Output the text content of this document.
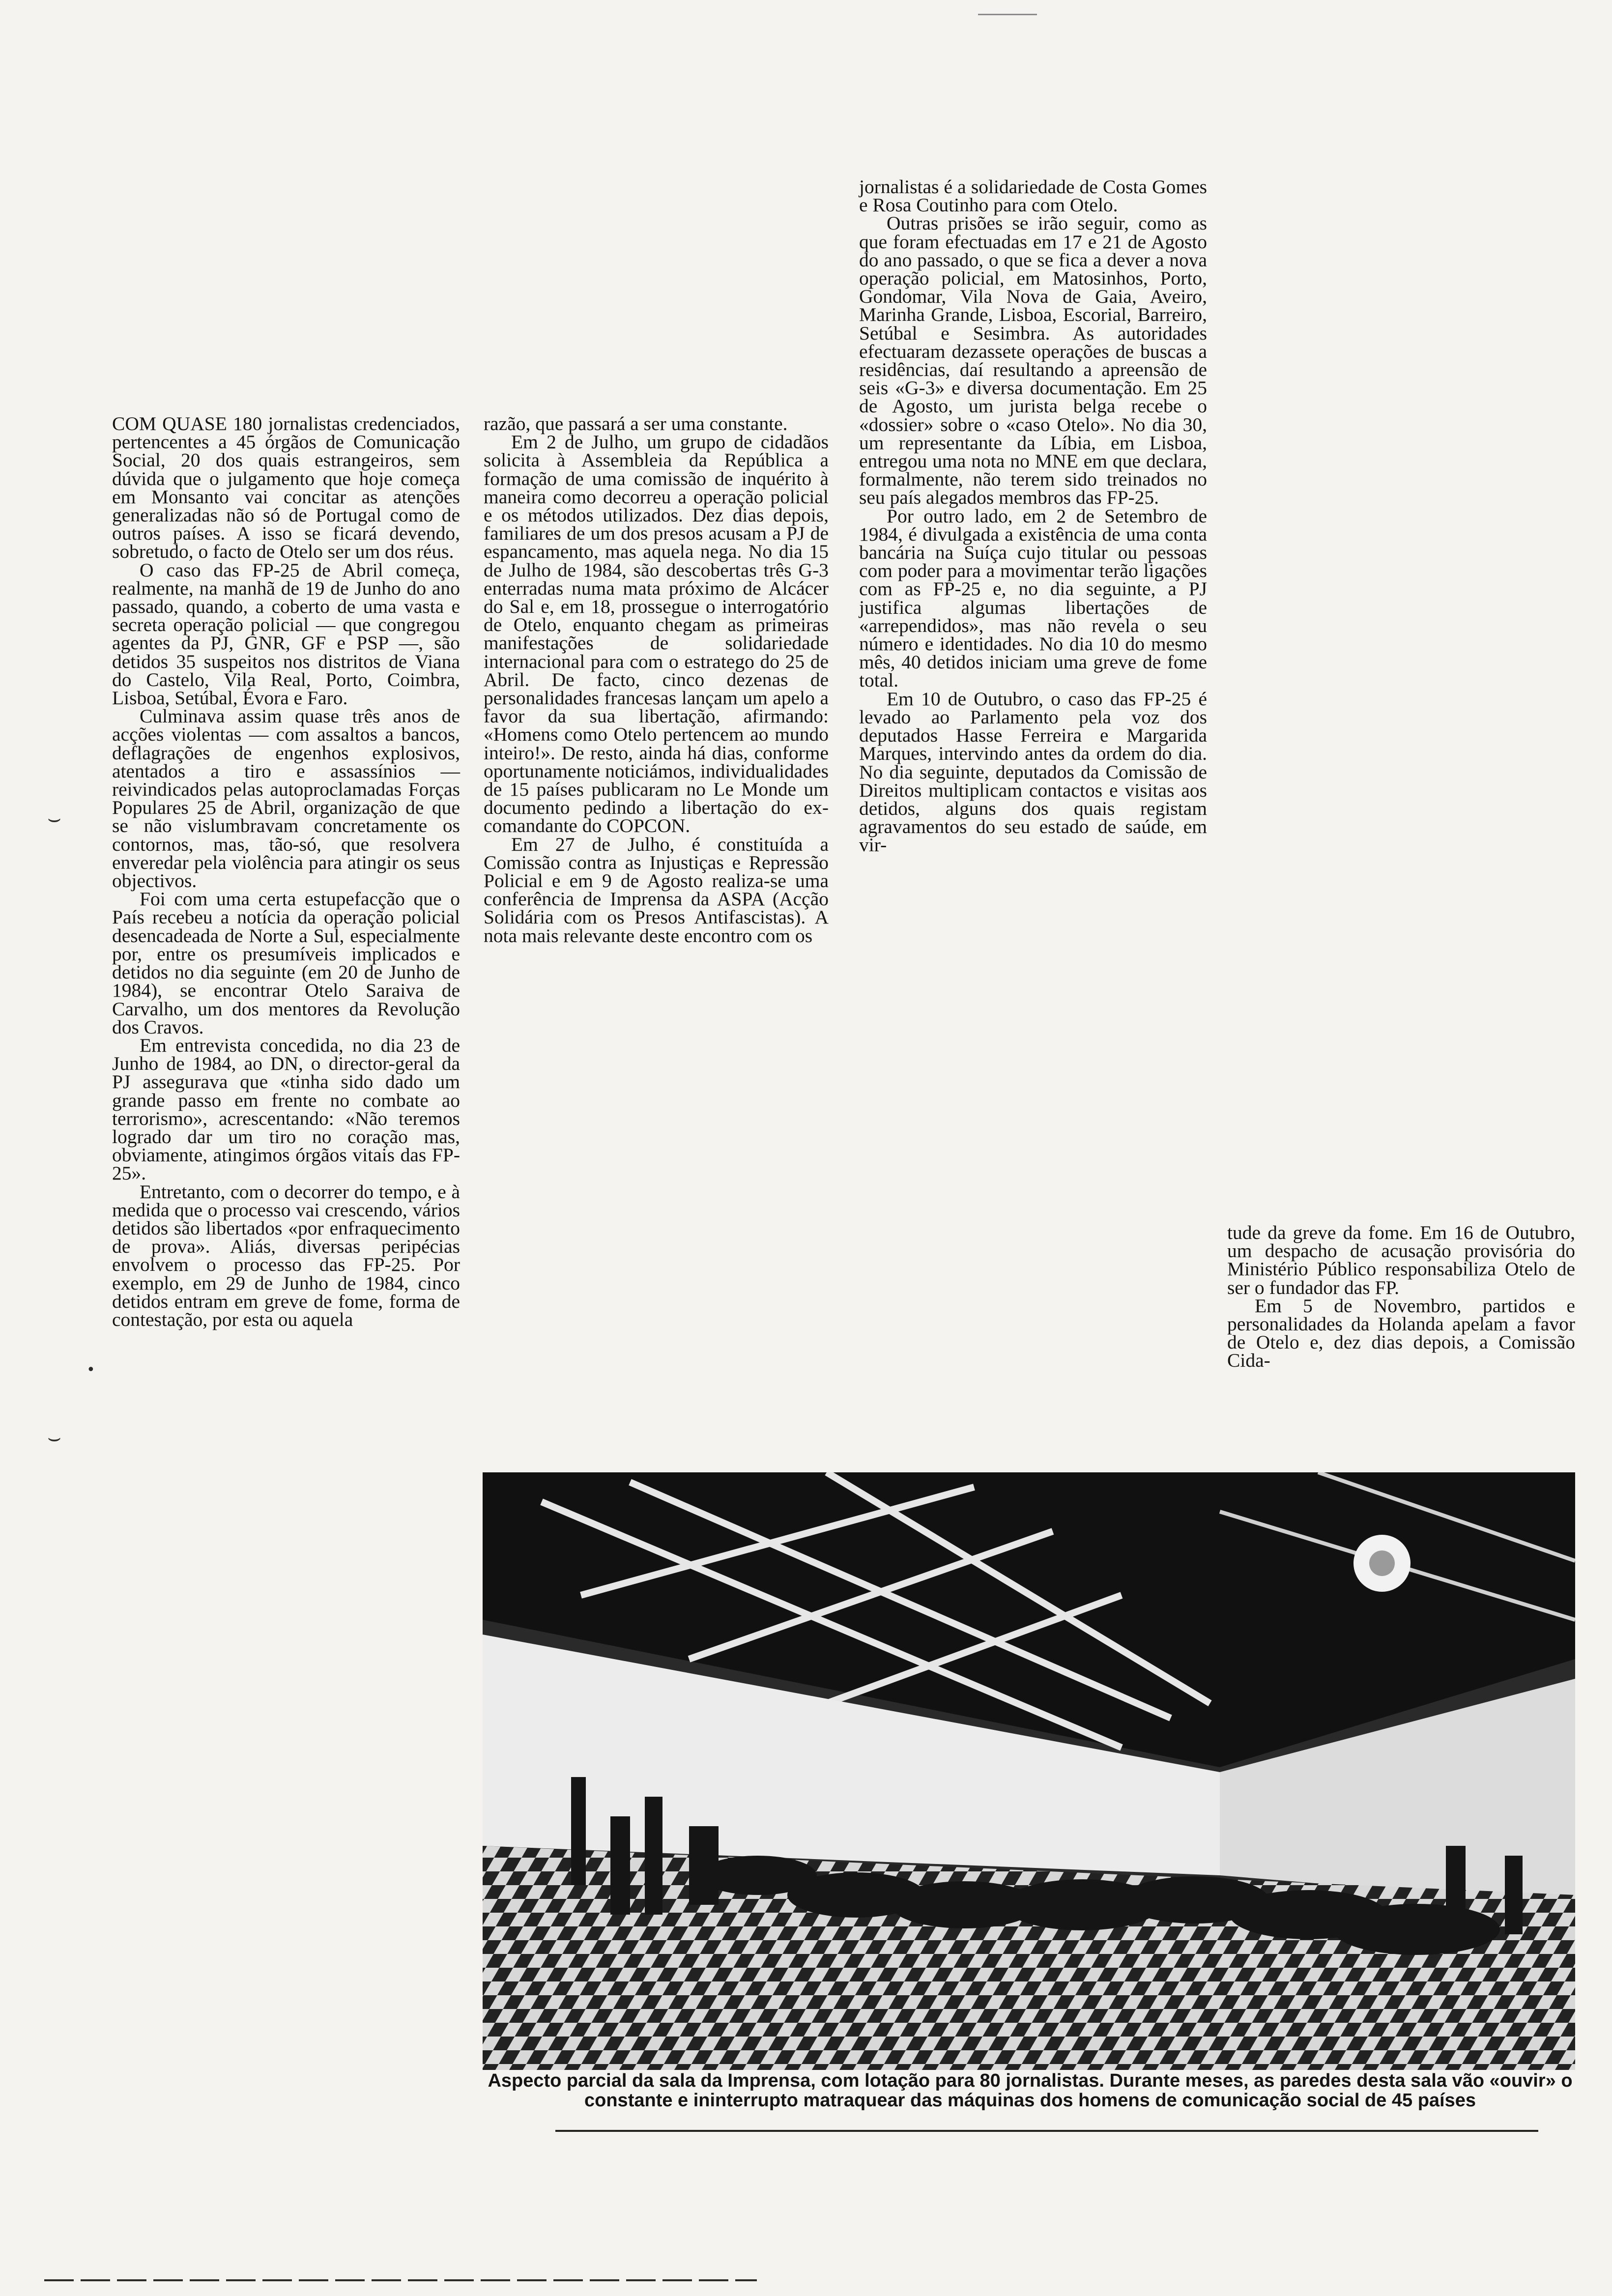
COM QUASE 180 jornalistas credenciados, pertencentes a 45 órgãos de Comunicação Social, 20 dos quais estrangeiros, sem dúvida que o julgamento que hoje começa em Monsanto vai concitar as atenções generalizadas não só de Portugal como de outros países. A isso se ficará devendo, sobretudo, o facto de Otelo ser um dos réus.

O caso das FP-25 de Abril começa, realmente, na manhã de 19 de Junho do ano passado, quando, a coberto de uma vasta e secreta operação policial — que congregou agentes da PJ, GNR, GF e PSP —, são detidos 35 suspeitos nos distritos de Viana do Castelo, Vila Real, Porto, Coimbra, Lisboa, Setúbal, Évora e Faro.

Culminava assim quase três anos de acções violentas — com assaltos a bancos, deflagrações de engenhos explosivos, atentados a tiro e assassínios — reivindicados pelas autoproclamadas Forças Populares 25 de Abril, organização de que se não vislumbravam concretamente os contornos, mas, tão-só, que resolvera enveredar pela violência para atingir os seus objectivos.

Foi com uma certa estupefacção que o País recebeu a notícia da operação policial desencadeada de Norte a Sul, especialmente por, entre os presumíveis implicados e detidos no dia seguinte (em 20 de Junho de 1984), se encontrar Otelo Saraiva de Carvalho, um dos mentores da Revolução dos Cravos.

Em entrevista concedida, no dia 23 de Junho de 1984, ao DN, o director-geral da PJ assegurava que «tinha sido dado um grande passo em frente no combate ao terrorismo», acrescentando: «Não teremos logrado dar um tiro no coração mas, obviamente, atingimos órgãos vitais das FP-25».

Entretanto, com o decorrer do tempo, e à medida que o processo vai crescendo, vários detidos são libertados «por enfraquecimento de prova». Aliás, diversas peripécias envolvem o processo das FP-25. Por exemplo, em 29 de Junho de 1984, cinco detidos entram em greve de fome, forma de contestação, por esta ou aquela

razão, que passará a ser uma constante.

Em 2 de Julho, um grupo de cidadãos solicita à Assembleia da República a formação de uma comissão de inquérito à maneira como decorreu a operação policial e os métodos utilizados. Dez dias depois, familiares de um dos presos acusam a PJ de espancamento, mas aquela nega. No dia 15 de Julho de 1984, são descobertas três G-3 enterradas numa mata próximo de Alcácer do Sal e, em 18, prossegue o interrogatório de Otelo, enquanto chegam as primeiras manifestações de solidariedade internacional para com o estratego do 25 de Abril. De facto, cinco dezenas de personalidades francesas lançam um apelo a favor da sua libertação, afirmando: «Homens como Otelo pertencem ao mundo inteiro!». De resto, ainda há dias, conforme oportunamente noticiámos, individualidades de 15 países publicaram no Le Monde um documento pedindo a libertação do ex-comandante do COPCON.

Em 27 de Julho, é constituída a Comissão contra as Injustiças e Repressão Policial e em 9 de Agosto realiza-se uma conferência de Imprensa da ASPA (Acção Solidária com os Presos Antifascistas). A nota mais relevante deste encontro com os

jornalistas é a solidariedade de Costa Gomes e Rosa Coutinho para com Otelo.

Outras prisões se irão seguir, como as que foram efectuadas em 17 e 21 de Agosto do ano passado, o que se fica a dever a nova operação policial, em Matosinhos, Porto, Gondomar, Vila Nova de Gaia, Aveiro, Marinha Grande, Lisboa, Escorial, Barreiro, Setúbal e Sesimbra. As autoridades efectuaram dezassete operações de buscas a residências, daí resultando a apreensão de seis «G-3» e diversa documentação. Em 25 de Agosto, um jurista belga recebe o «dossier» sobre o «caso Otelo». No dia 30, um representante da Líbia, em Lisboa, entregou uma nota no MNE em que declara, formalmente, não terem sido treinados no seu país alegados membros das FP-25.

Por outro lado, em 2 de Setembro de 1984, é divulgada a existência de uma conta bancária na Suíça cujo titular ou pessoas com poder para a movimentar terão ligações com as FP-25 e, no dia seguinte, a PJ justifica algumas libertações de «arrependidos», mas não revela o seu número e identidades. No dia 10 do mesmo mês, 40 detidos iniciam uma greve de fome total.

Em 10 de Outubro, o caso das FP-25 é levado ao Parlamento pela voz dos deputados Hasse Ferreira e Margarida Marques, intervindo antes da ordem do dia. No dia seguinte, deputados da Comissão de Direitos multiplicam contactos e visitas aos detidos, alguns dos quais registam agravamentos do seu estado de saúde, em vir-

tude da greve da fome. Em 16 de Outubro, um despacho de acusação provisória do Ministério Público responsabiliza Otelo de ser o fundador das FP.

Em 5 de Novembro, partidos e personalidades da Holanda apelam a favor de Otelo e, dez dias depois, a Comissão Cida-

Aspecto parcial da sala da Imprensa, com lotação para 80 jornalistas. Durante meses, as paredes desta sala vão «ouvir» o constante e ininterrupto matraquear das máquinas dos homens de comunicação social de 45 países
⌣
⌣
•
